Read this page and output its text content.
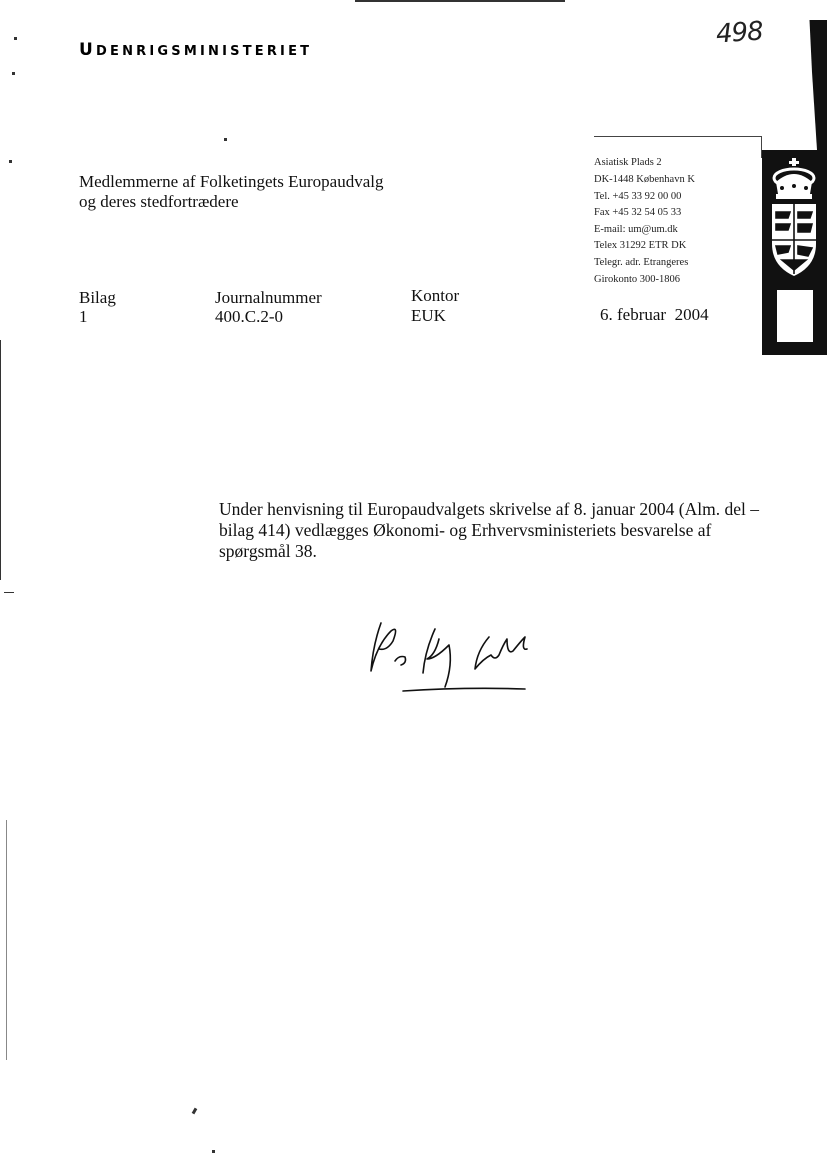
UDENRIGSMINISTERIET
498
Medlemmerne af Folketingets Europaudvalg
og deres stedfortrædere
Asiatisk Plads 2
DK-1448 København K
Tel. +45 33 92 00 00
Fax +45 32 54 05 33
E-mail: um@um.dk
Telex 31292 ETR DK
Telegr. adr. Etrangeres
Girokonto 300-1806
Bilag
1
Journalnummer
400.C.2-0
Kontor
EUK	6. februar  2004

Under henvisning til Europaudvalgets skrivelse af 8. januar 2004 (Alm. del – bilag 414) vedlægges Økonomi- og Erhvervsministeriets besvarelse af spørgsmål 38.
